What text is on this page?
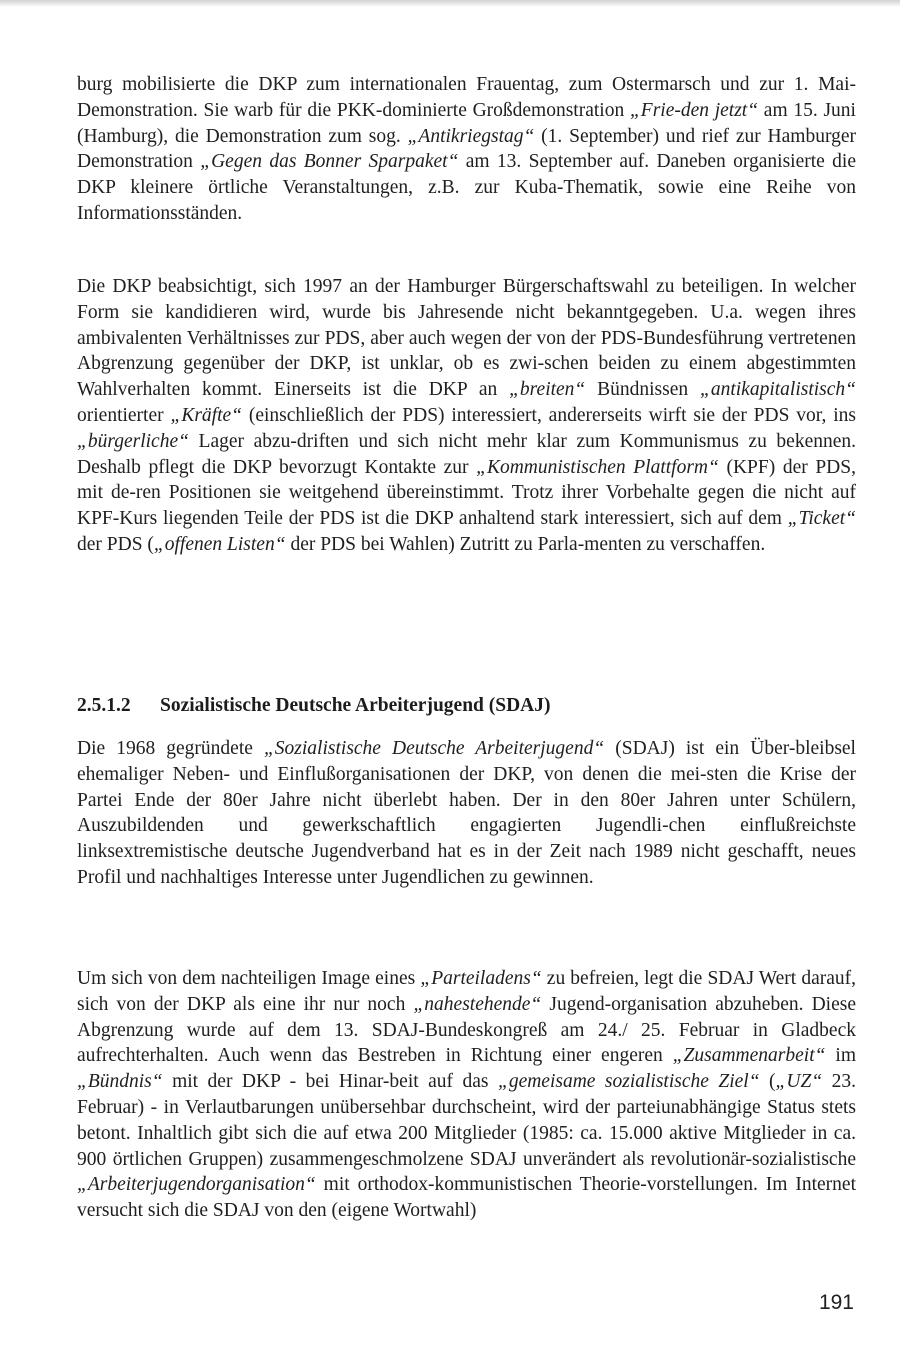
burg mobilisierte die DKP zum internationalen Frauentag, zum Ostermarsch und zur 1. Mai-Demonstration. Sie warb für die PKK-dominierte Großdemonstration „Frie-den jetzt“ am 15. Juni (Hamburg), die Demonstration zum sog. „Antikriegstag“ (1. September) und rief zur Hamburger Demonstration „Gegen das Bonner Sparpaket“ am 13. September auf. Daneben organisierte die DKP kleinere örtliche Veranstaltungen, z.B. zur Kuba-Thematik, sowie eine Reihe von Informationsständen.

Die DKP beabsichtigt, sich 1997 an der Hamburger Bürgerschaftswahl zu beteiligen. In welcher Form sie kandidieren wird, wurde bis Jahresende nicht bekanntgegeben. U.a. wegen ihres ambivalenten Verhältnisses zur PDS, aber auch wegen der von der PDS-Bundesführung vertretenen Abgrenzung gegenüber der DKP, ist unklar, ob es zwi-schen beiden zu einem abgestimmten Wahlverhalten kommt. Einerseits ist die DKP an „breiten“ Bündnissen „antikapitalistisch“ orientierter „Kräfte“ (einschließlich der PDS) interessiert, andererseits wirft sie der PDS vor, ins „bürgerliche“ Lager abzu-driften und sich nicht mehr klar zum Kommunismus zu bekennen. Deshalb pflegt die DKP bevorzugt Kontakte zur „Kommunistischen Plattform“ (KPF) der PDS, mit de-ren Positionen sie weitgehend übereinstimmt. Trotz ihrer Vorbehalte gegen die nicht auf KPF-Kurs liegenden Teile der PDS ist die DKP anhaltend stark interessiert, sich auf dem „Ticket“ der PDS („offenen Listen“ der PDS bei Wahlen) Zutritt zu Parla-menten zu verschaffen.

2.5.1.2 Sozialistische Deutsche Arbeiterjugend (SDAJ)

Die 1968 gegründete „Sozialistische Deutsche Arbeiterjugend“ (SDAJ) ist ein Über-bleibsel ehemaliger Neben- und Einflußorganisationen der DKP, von denen die mei-sten die Krise der Partei Ende der 80er Jahre nicht überlebt haben. Der in den 80er Jahren unter Schülern, Auszubildenden und gewerkschaftlich engagierten Jugendli-chen einflußreichste linksextremistische deutsche Jugendverband hat es in der Zeit nach 1989 nicht geschafft, neues Profil und nachhaltiges Interesse unter Jugendlichen zu gewinnen.

Um sich von dem nachteiligen Image eines „Parteiladens“ zu befreien, legt die SDAJ Wert darauf, sich von der DKP als eine ihr nur noch „nahestehende“ Jugend-organisation abzuheben. Diese Abgrenzung wurde auf dem 13. SDAJ-Bundeskongreß am 24./ 25. Februar in Gladbeck aufrechterhalten. Auch wenn das Bestreben in Richtung einer engeren „Zusammenarbeit“ im „Bündnis“ mit der DKP - bei Hinar-beit auf das „gemeisame sozialistische Ziel“ („UZ“ 23. Februar) - in Verlautbarungen unübersehbar durchscheint, wird der parteiunabhängige Status stets betont. Inhaltlich gibt sich die auf etwa 200 Mitglieder (1985: ca. 15.000 aktive Mitglieder in ca. 900 örtlichen Gruppen) zusammengeschmolzene SDAJ unverändert als revolutionär-sozialistische „Arbeiterjugendorganisation“ mit orthodox-kommunistischen Theorie-vorstellungen. Im Internet versucht sich die SDAJ von den (eigene Wortwahl)

191
